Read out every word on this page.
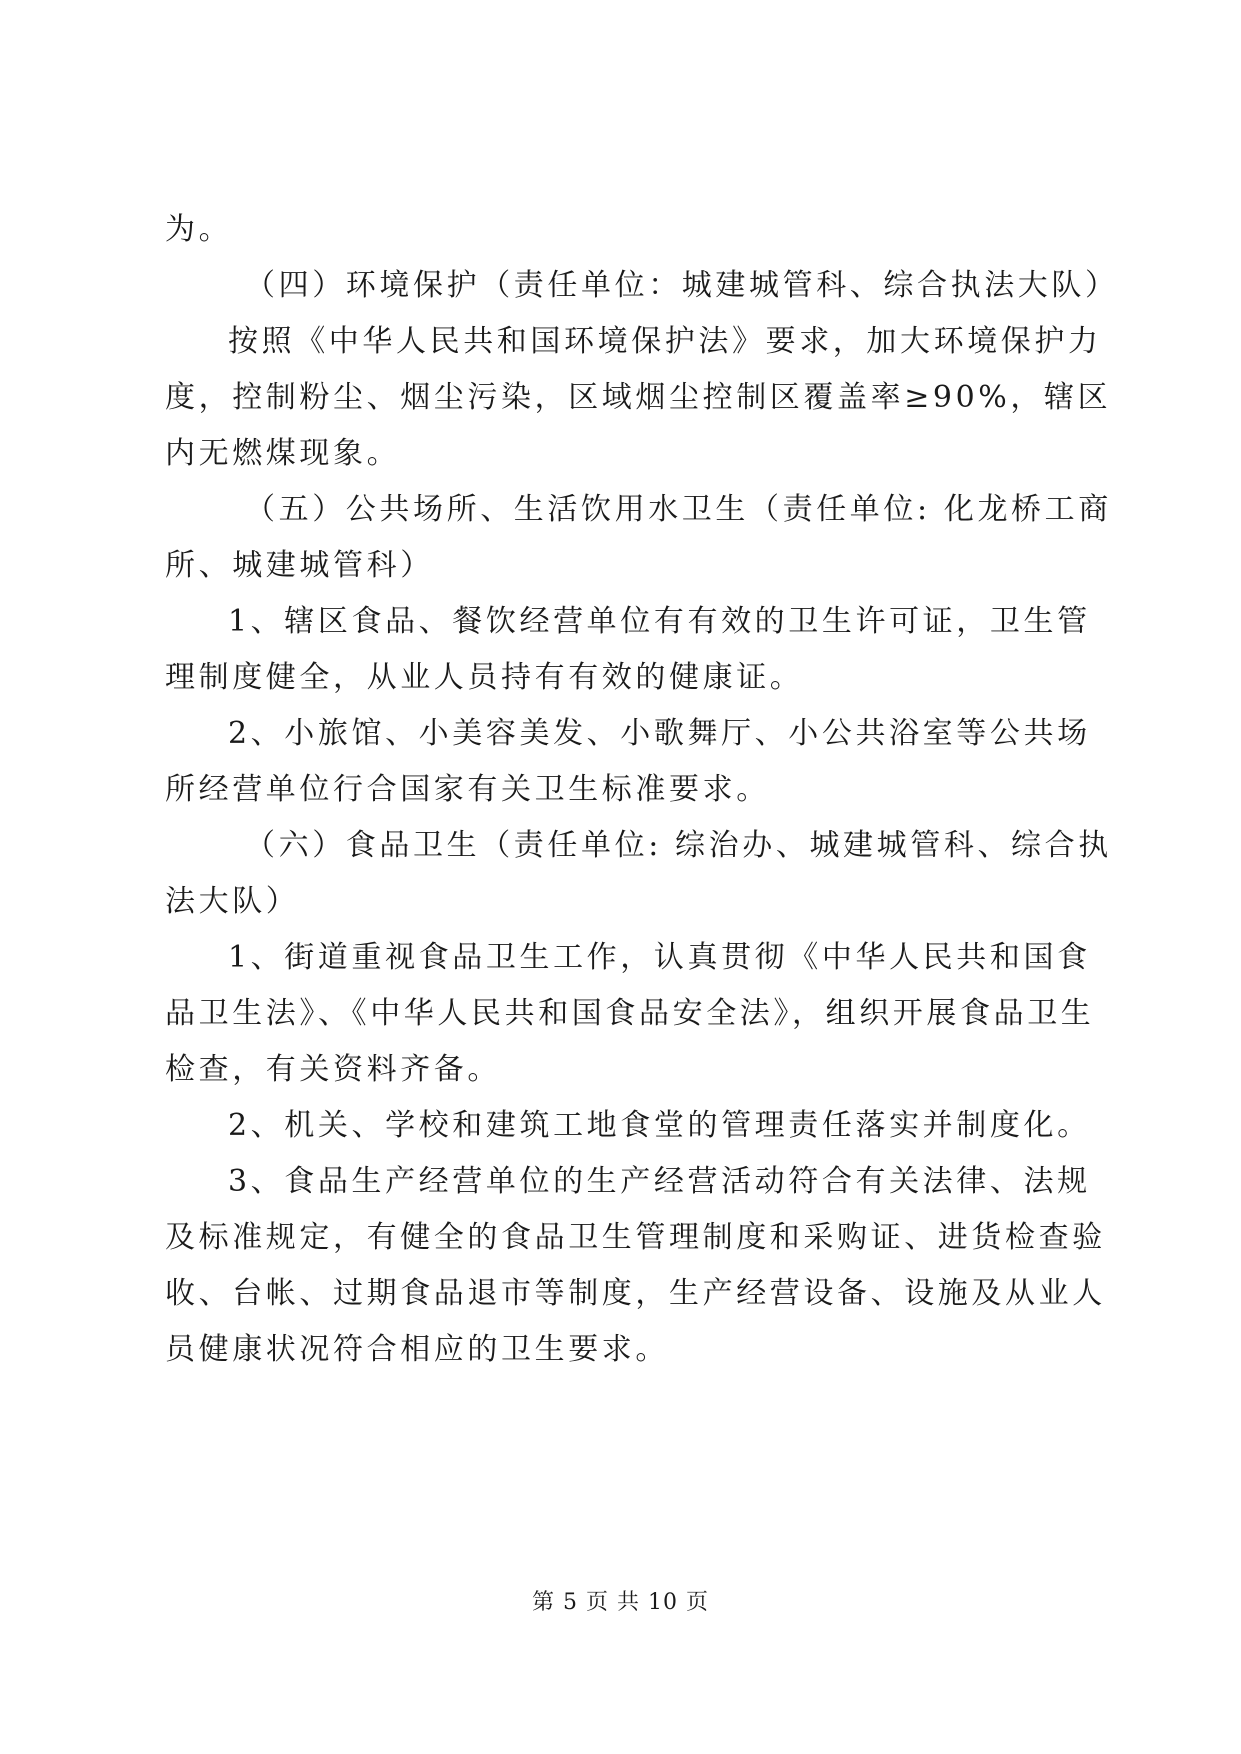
为。
（四）环境保护（责任单位：城建城管科、综合执法大队）
按照《中华人民共和国环境保护法》要求，加大环境保护力
度，控制粉尘、烟尘污染，区域烟尘控制区覆盖率≥90%，辖区
内无燃煤现象。
（五）公共场所、生活饮用水卫生（责任单位: 化龙桥工商
所、城建城管科）
1、辖区食品、餐饮经营单位有有效的卫生许可证，卫生管
理制度健全，从业人员持有有效的健康证。
2、小旅馆、小美容美发、小歌舞厅、小公共浴室等公共场
所经营单位行合国家有关卫生标准要求。
（六）食品卫生（责任单位: 综治办、城建城管科、综合执
法大队）
1、街道重视食品卫生工作，认真贯彻《中华人民共和国食
品卫生法》、《中华人民共和国食品安全法》，组织开展食品卫生
检查，有关资料齐备。
2、机关、学校和建筑工地食堂的管理责任落实并制度化。
3、食品生产经营单位的生产经营活动符合有关法律、法规
及标准规定，有健全的食品卫生管理制度和采购证、进货检查验
收、台帐、过期食品退市等制度，生产经营设备、设施及从业人
员健康状况符合相应的卫生要求。
第 5 页 共 10 页
